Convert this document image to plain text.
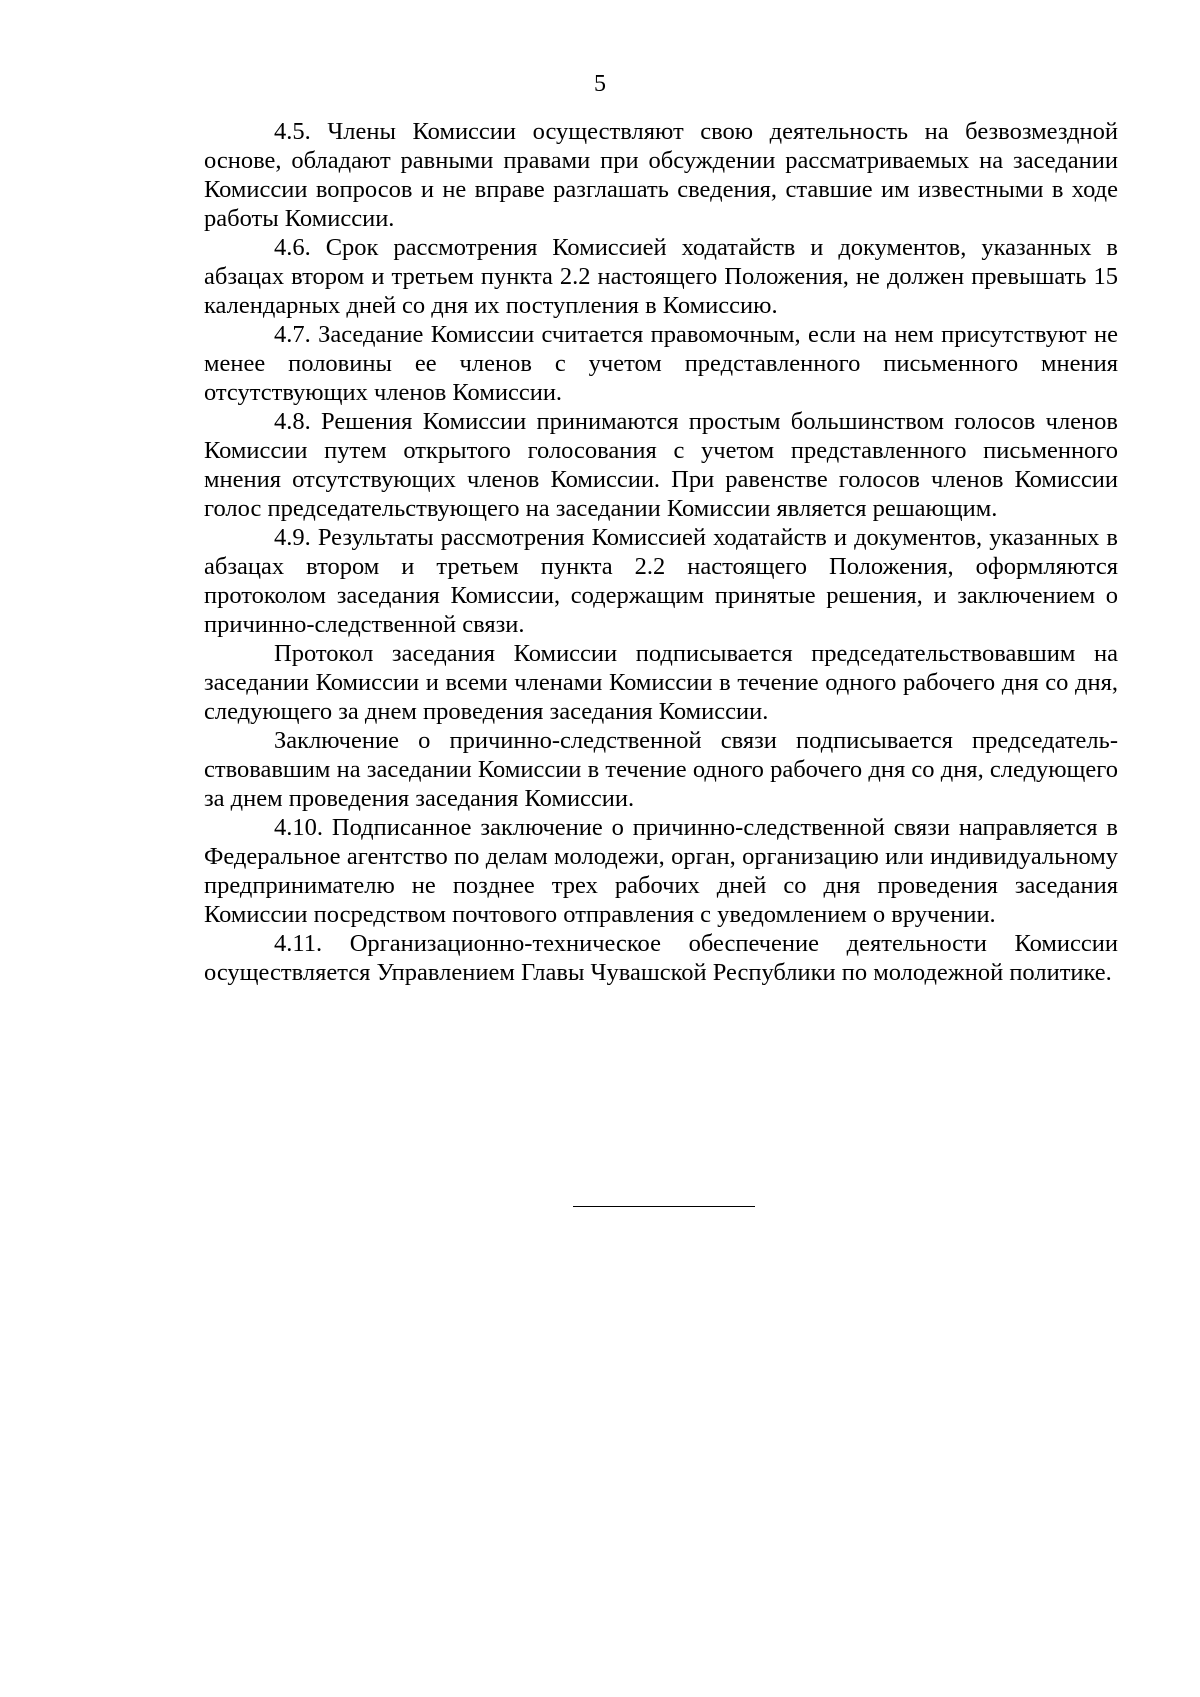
5

4.5. Члены Комиссии осуществляют свою деятельность на безвозмездной основе, обладают равными правами при обсуждении рассматриваемых на заседании Комиссии вопросов и не вправе разглашать сведения, ставшие им известными в ходе работы Комиссии.

4.6. Срок рассмотрения Комиссией ходатайств и документов, указанных в абзацах втором и третьем пункта 2.2 настоящего Положения, не должен превышать 15 календарных дней со дня их поступления в Комиссию.

4.7. Заседание Комиссии считается правомочным, если на нем присутствуют не менее половины ее членов с учетом представленного письменного мнения отсутствующих членов Комиссии.

4.8. Решения Комиссии принимаются простым большинством голосов членов Комиссии путем открытого голосования с учетом представленного письменного мнения отсутствующих членов Комиссии. При равенстве голосов членов Комиссии голос председательствующего на заседании Комиссии является решающим.

4.9. Результаты рассмотрения Комиссией ходатайств и документов, указанных в абзацах втором и третьем пункта 2.2 настоящего Положения, оформляются протоколом заседания Комиссии, содержащим принятые решения, и заключением о причинно-следственной связи.

Протокол заседания Комиссии подписывается председательствовавшим на заседании Комиссии и всеми членами Комиссии в течение одного рабочего дня со дня, следующего за днем проведения заседания Комиссии.

Заключение о причинно-следственной связи подписывается председательствовавшим на заседании Комиссии в течение одного рабочего дня со дня, следующего за днем проведения заседания Комиссии.

4.10. Подписанное заключение о причинно-следственной связи направляется в Федеральное агентство по делам молодежи, орган, организацию или индивидуальному предпринимателю не позднее трех рабочих дней со дня проведения заседания Комиссии посредством почтового отправления с уведомлением о вручении.

4.11. Организационно-техническое обеспечение деятельности Комиссии осуществляется Управлением Главы Чувашской Республики по молодежной политике.
